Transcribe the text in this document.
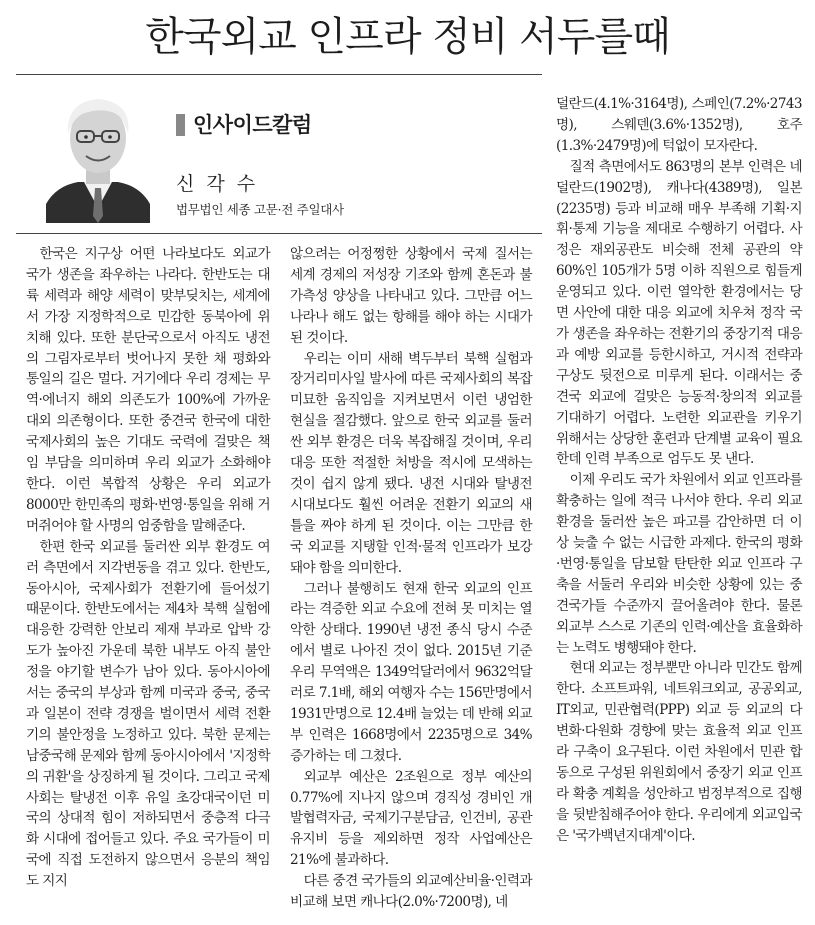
한국외교 인프라 정비 서두를때
인사이드칼럼
신 각 수
법무법인 세종 고문·전 주일대사

한국은 지구상 어떤 나라보다도 외교가 국가 생존을 좌우하는 나라다. 한반도는 대륙 세력과 해양 세력이 맞부딪치는, 세계에서 가장 지정학적으로 민감한 동북아에 위치해 있다. 또한 분단국으로서 아직도 냉전의 그림자로부터 벗어나지 못한 채 평화와 통일의 길은 멀다. 거기에다 우리 경제는 무역·에너지 해외 의존도가 100%에 가까운 대외 의존형이다. 또한 중견국 한국에 대한 국제사회의 높은 기대도 국력에 걸맞은 책임 부담을 의미하며 우리 외교가 소화해야 한다. 이런 복합적 상황은 우리 외교가 8000만 한민족의 평화·번영·통일을 위해 거머쥐어야 할 사명의 엄중함을 말해준다.

한편 한국 외교를 둘러싼 외부 환경도 여러 측면에서 지각변동을 겪고 있다. 한반도, 동아시아, 국제사회가 전환기에 들어섰기 때문이다. 한반도에서는 제4차 북핵 실험에 대응한 강력한 안보리 제재 부과로 압박 강도가 높아진 가운데 북한 내부도 아직 불안정을 야기할 변수가 남아 있다. 동아시아에서는 중국의 부상과 함께 미국과 중국, 중국과 일본이 전략 경쟁을 벌이면서 세력 전환기의 불안정을 노정하고 있다. 북한 문제는 남중국해 문제와 함께 동아시아에서 '지정학의 귀환'을 상징하게 될 것이다. 그리고 국제사회는 탈냉전 이후 유일 초강대국이던 미국의 상대적 힘이 저하되면서 중층적 다극화 시대에 접어들고 있다. 주요 국가들이 미국에 직접 도전하지 않으면서 응분의 책임도 지지

않으려는 어정쩡한 상황에서 국제 질서는 세계 경제의 저성장 기조와 함께 혼돈과 불가측성 양상을 나타내고 있다. 그만큼 어느 나라나 해도 없는 항해를 해야 하는 시대가 된 것이다.

우리는 이미 새해 벽두부터 북핵 실험과 장거리미사일 발사에 따른 국제사회의 복잡 미묘한 움직임을 지켜보면서 이런 냉엄한 현실을 절감했다. 앞으로 한국 외교를 둘러싼 외부 환경은 더욱 복잡해질 것이며, 우리 대응 또한 적절한 처방을 적시에 모색하는 것이 쉽지 않게 됐다. 냉전 시대와 탈냉전 시대보다도 훨씬 어려운 전환기 외교의 새 틀을 짜야 하게 된 것이다. 이는 그만큼 한국 외교를 지탱할 인적·물적 인프라가 보강돼야 함을 의미한다.

그러나 불행히도 현재 한국 외교의 인프라는 격증한 외교 수요에 전혀 못 미치는 열악한 상태다. 1990년 냉전 종식 당시 수준에서 별로 나아진 것이 없다. 2015년 기준 우리 무역액은 1349억달러에서 9632억달러로 7.1배, 해외 여행자 수는 156만명에서 1931만명으로 12.4배 늘었는 데 반해 외교부 인력은 1668명에서 2235명으로 34% 증가하는 데 그쳤다.

외교부 예산은 2조원으로 정부 예산의 0.77%에 지나지 않으며 경직성 경비인 개발협력자금, 국제기구분담금, 인건비, 공관유지비 등을 제외하면 정작 사업예산은 21%에 불과하다.

다른 중견 국가들의 외교예산비율·인력과 비교해 보면 캐나다(2.0%·7200명), 네

덜란드(4.1%·3164명), 스페인(7.2%·2743명), 스웨덴(3.6%·1352명), 호주(1.3%·2479명)에 턱없이 모자란다.

질적 측면에서도 863명의 본부 인력은 네덜란드(1902명), 캐나다(4389명), 일본(2235명) 등과 비교해 매우 부족해 기획·지휘·통제 기능을 제대로 수행하기 어렵다. 사정은 재외공관도 비슷해 전체 공관의 약 60%인 105개가 5명 이하 직원으로 힘들게 운영되고 있다. 이런 열악한 환경에서는 당면 사안에 대한 대응 외교에 치우쳐 정작 국가 생존을 좌우하는 전환기의 중장기적 대응과 예방 외교를 등한시하고, 거시적 전략과 구상도 뒷전으로 미루게 된다. 이래서는 중견국 외교에 걸맞은 능동적·창의적 외교를 기대하기 어렵다. 노련한 외교관을 키우기 위해서는 상당한 훈련과 단계별 교육이 필요한데 인력 부족으로 엄두도 못 낸다.

이제 우리도 국가 차원에서 외교 인프라를 확충하는 일에 적극 나서야 한다. 우리 외교 환경을 둘러싼 높은 파고를 감안하면 더 이상 늦출 수 없는 시급한 과제다. 한국의 평화·번영·통일을 담보할 탄탄한 외교 인프라 구축을 서둘러 우리와 비슷한 상황에 있는 중견국가들 수준까지 끌어올려야 한다. 물론 외교부 스스로 기존의 인력·예산을 효율화하는 노력도 병행돼야 한다.

현대 외교는 정부뿐만 아니라 민간도 함께한다. 소프트파워, 네트워크외교, 공공외교, IT외교, 민관협력(PPP) 외교 등 외교의 다변화·다원화 경향에 맞는 효율적 외교 인프라 구축이 요구된다. 이런 차원에서 민관 합동으로 구성된 위원회에서 중장기 외교 인프라 확충 계획을 성안하고 범정부적으로 집행을 뒷받침해주어야 한다. 우리에게 외교입국은 '국가백년지대계'이다.
